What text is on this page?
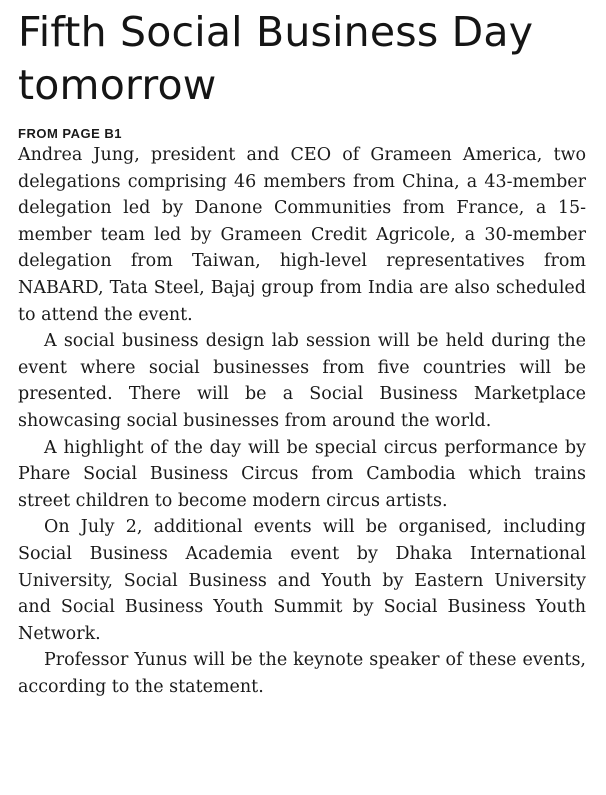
Fifth Social Business Day tomorrow
FROM PAGE B1

Andrea Jung, president and CEO of Grameen America, two delegations comprising 46 members from China, a 43-member delegation led by Danone Communities from France, a 15-member team led by Grameen Credit Agricole, a 30-member delegation from Taiwan, high-level representatives from NABARD, Tata Steel, Bajaj group from India are also scheduled to attend the event.

A social business design lab session will be held during the event where social businesses from five countries will be presented. There will be a Social Business Marketplace showcasing social businesses from around the world.

A highlight of the day will be special circus performance by Phare Social Business Circus from Cambodia which trains street children to become modern circus artists.

On July 2, additional events will be organised, including Social Business Academia event by Dhaka International University, Social Business and Youth by Eastern University and Social Business Youth Summit by Social Business Youth Network.

Professor Yunus will be the keynote speaker of these events, according to the statement.
